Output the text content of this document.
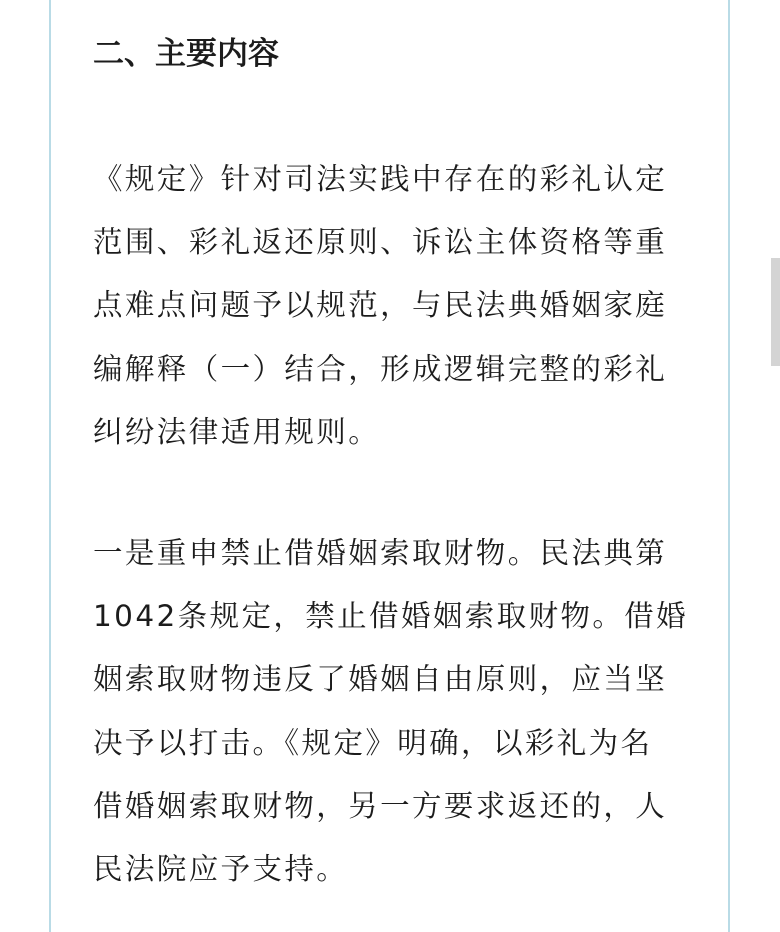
二、主要内容

《规定》针对司法实践中存在的彩礼认定
范围、彩礼返还原则、诉讼主体资格等重
点难点问题予以规范，与民法典婚姻家庭
编解释（一）结合，形成逻辑完整的彩礼
纠纷法律适用规则。

一是重申禁止借婚姻索取财物。民法典第
1042条规定，禁止借婚姻索取财物。借婚
姻索取财物违反了婚姻自由原则，应当坚
决予以打击。《规定》明确，以彩礼为名
借婚姻索取财物，另一方要求返还的，人
民法院应予支持。
